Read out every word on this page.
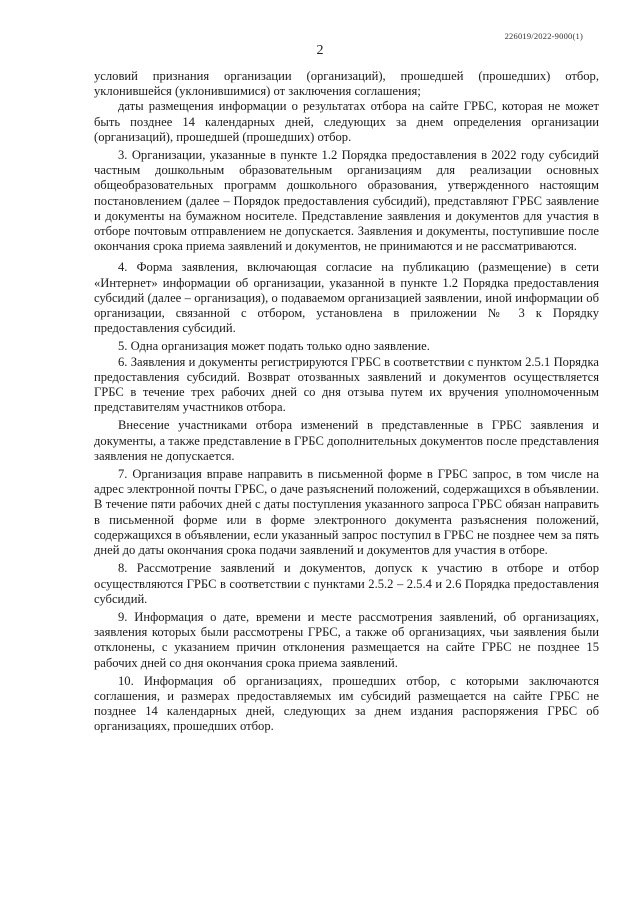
226019/2022-9000(1)
2

условий признания организации (организаций), прошедшей (прошедших) отбор, уклонившейся (уклонившимися) от заключения соглашения;

даты размещения информации о результатах отбора на сайте ГРБС, которая не может быть позднее 14 календарных дней, следующих за днем определения организации (организаций), прошедшей (прошедших) отбор.

3. Организации, указанные в пункте 1.2 Порядка предоставления в 2022 году субсидий частным дошкольным образовательным организациям для реализации основных общеобразовательных программ дошкольного образования, утвержденного настоящим постановлением (далее – Порядок предоставления субсидий), представляют ГРБС заявление и документы на бумажном носителе. Представление заявления и документов для участия в отборе почтовым отправлением не допускается. Заявления и документы, поступившие после окончания срока приема заявлений и документов, не принимаются и не рассматриваются.

4. Форма заявления, включающая согласие на публикацию (размещение) в сети «Интернет» информации об организации, указанной в пункте 1.2 Порядка предоставления субсидий (далее – организация), о подаваемом организацией заявлении, иной информации об организации, связанной с отбором, установлена в приложении № 3 к Порядку предоставления субсидий.

5. Одна организация может подать только одно заявление.

6. Заявления и документы регистрируются ГРБС в соответствии с пунктом 2.5.1 Порядка предоставления субсидий. Возврат отозванных заявлений и документов осуществляется ГРБС в течение трех рабочих дней со дня отзыва путем их вручения уполномоченным представителям участников отбора.

Внесение участниками отбора изменений в представленные в ГРБС заявления и документы, а также представление в ГРБС дополнительных документов после представления заявления не допускается.

7. Организация вправе направить в письменной форме в ГРБС запрос, в том числе на адрес электронной почты ГРБС, о даче разъяснений положений, содержащихся в объявлении. В течение пяти рабочих дней с даты поступления указанного запроса ГРБС обязан направить в письменной форме или в форме электронного документа разъяснения положений, содержащихся в объявлении, если указанный запрос поступил в ГРБС не позднее чем за пять дней до даты окончания срока подачи заявлений и документов для участия в отборе.

8. Рассмотрение заявлений и документов, допуск к участию в отборе и отбор осуществляются ГРБС в соответствии с пунктами 2.5.2 – 2.5.4 и 2.6 Порядка предоставления субсидий.

9. Информация о дате, времени и месте рассмотрения заявлений, об организациях, заявления которых были рассмотрены ГРБС, а также об организациях, чьи заявления были отклонены, с указанием причин отклонения размещается на сайте ГРБС не позднее 15 рабочих дней со дня окончания срока приема заявлений.

10. Информация об организациях, прошедших отбор, с которыми заключаются соглашения, и размерах предоставляемых им субсидий размещается на сайте ГРБС не позднее 14 календарных дней, следующих за днем издания распоряжения ГРБС об организациях, прошедших отбор.
